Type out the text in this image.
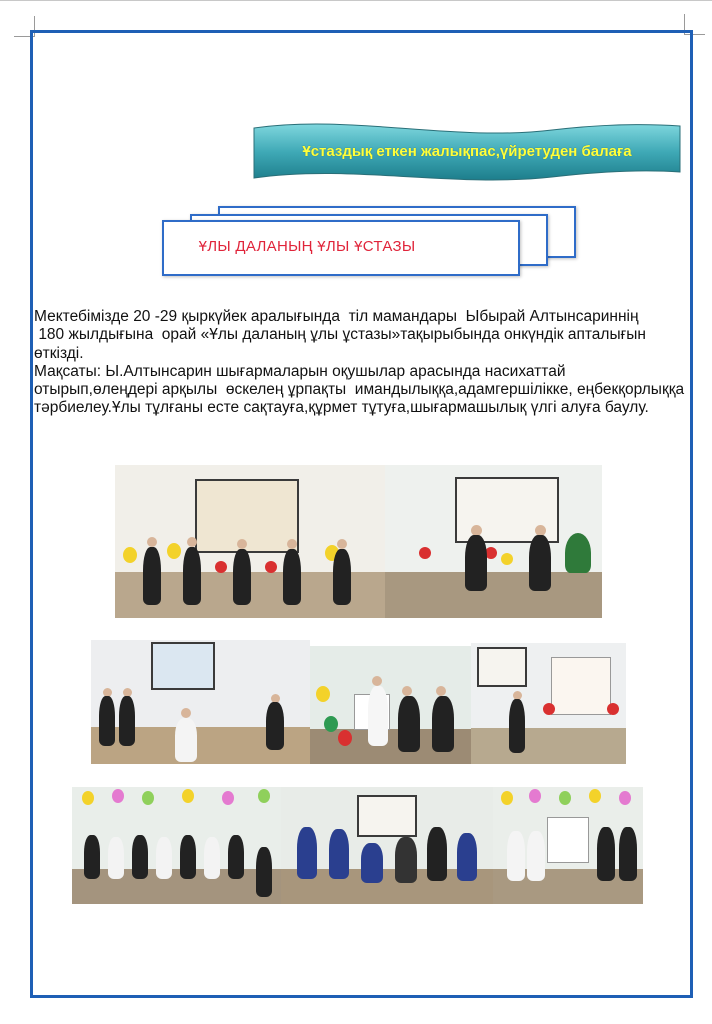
Ұстаздық еткен жалықпас,үйретуден балаға
ҰЛЫ ДАЛАНЫҢ ҰЛЫ ҰСТАЗЫ

Мектебімізде 20 -29 қыркүйек аралығында  тіл мамандары  Ыбырай Алтынсариннің

180 жылдығына  орай «Ұлы даланың ұлы ұстазы»тақырыбында онкүндік апталығын өткізді.

Мақсаты: Ы.Алтынсарин шығармаларын оқушылар арасында насихаттай отырып,өлеңдері арқылы  өскелең ұрпақты  имандылыққа,адамгершілікке, еңбекқорлыққа тәрбиелеу.Ұлы тұлғаны есте сақтауға,құрмет тұтуға,шығармашылық үлгі алуға баулу.
